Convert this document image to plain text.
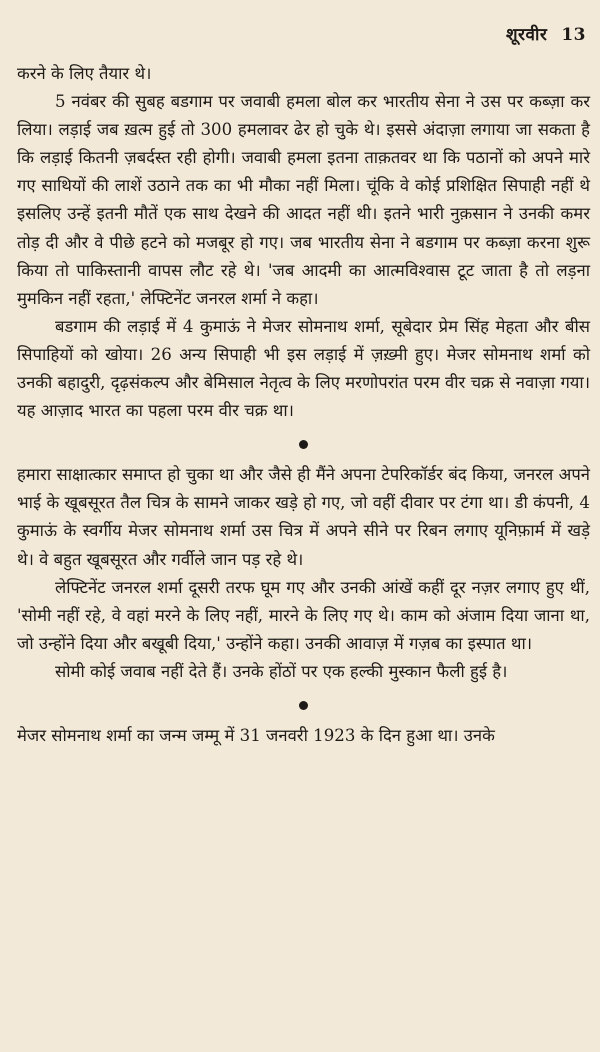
शूरवीर 13

करने के लिए तैयार थे।

5 नवंबर की सुबह बडगाम पर जवाबी हमला बोल कर भारतीय सेना ने उस पर कब्ज़ा कर लिया। लड़ाई जब ख़त्म हुई तो 300 हमलावर ढेर हो चुके थे। इससे अंदाज़ा लगाया जा सकता है कि लड़ाई कितनी ज़बर्दस्त रही होगी। जवाबी हमला इतना ताक़तवर था कि पठानों को अपने मारे गए साथियों की लाशें उठाने तक का भी मौका नहीं मिला। चूंकि वे कोई प्रशिक्षित सिपाही नहीं थे इसलिए उन्हें इतनी मौतें एक साथ देखने की आदत नहीं थी। इतने भारी नुक़सान ने उनकी कमर तोड़ दी और वे पीछे हटने को मजबूर हो गए। जब भारतीय सेना ने बडगाम पर कब्ज़ा करना शुरू किया तो पाकिस्तानी वापस लौट रहे थे। 'जब आदमी का आत्मविश्वास टूट जाता है तो लड़ना मुमकिन नहीं रहता,' लेफ्टिनेंट जनरल शर्मा ने कहा।

बडगाम की लड़ाई में 4 कुमाऊं ने मेजर सोमनाथ शर्मा, सूबेदार प्रेम सिंह मेहता और बीस सिपाहियों को खोया। 26 अन्य सिपाही भी इस लड़ाई में ज़ख़्मी हुए। मेजर सोमनाथ शर्मा को उनकी बहादुरी, दृढ़संकल्प और बेमिसाल नेतृत्व के लिए मरणोपरांत परम वीर चक्र से नवाज़ा गया। यह आज़ाद भारत का पहला परम वीर चक्र था।

हमारा साक्षात्कार समाप्त हो चुका था और जैसे ही मैंने अपना टेपरिकॉर्डर बंद किया, जनरल अपने भाई के खूबसूरत तैल चित्र के सामने जाकर खड़े हो गए, जो वहीं दीवार पर टंगा था। डी कंपनी, 4 कुमाऊं के स्वर्गीय मेजर सोमनाथ शर्मा उस चित्र में अपने सीने पर रिबन लगाए यूनिफ़ार्म में खड़े थे। वे बहुत खूबसूरत और गर्वीले जान पड़ रहे थे।

लेफ्टिनेंट जनरल शर्मा दूसरी तरफ घूम गए और उनकी आंखें कहीं दूर नज़र लगाए हुए थीं, 'सोमी नहीं रहे, वे वहां मरने के लिए नहीं, मारने के लिए गए थे। काम को अंजाम दिया जाना था, जो उन्होंने दिया और बखूबी दिया,' उन्होंने कहा। उनकी आवाज़ में गज़ब का इस्पात था।

सोमी कोई जवाब नहीं देते हैं। उनके होंठों पर एक हल्की मुस्कान फैली हुई है।

मेजर सोमनाथ शर्मा का जन्म जम्मू में 31 जनवरी 1923 के दिन हुआ था। उनके
